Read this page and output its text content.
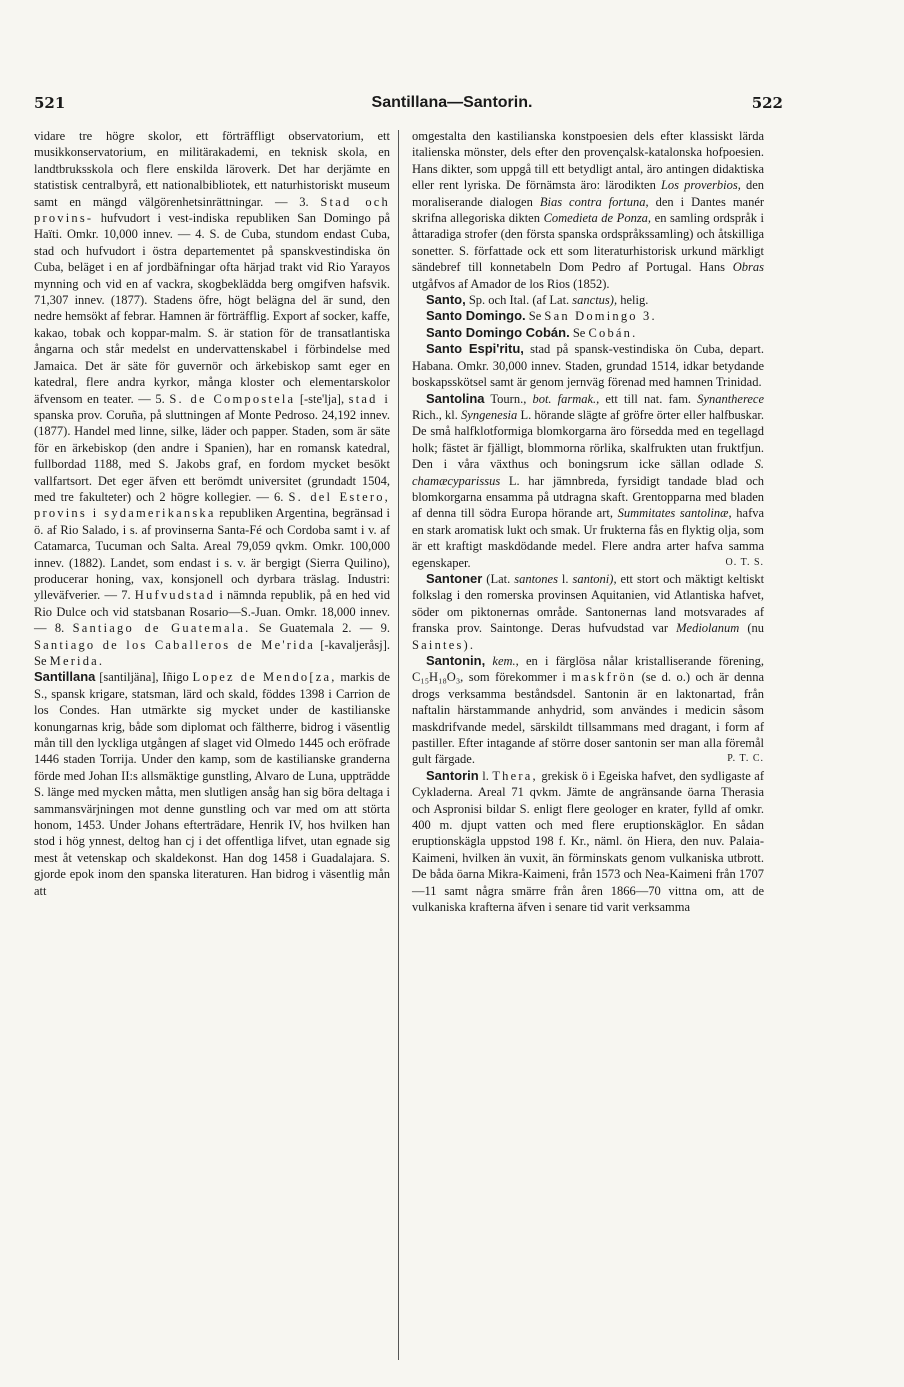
521	Santillana—Santorin.	522

vidare tre högre skolor, ett förträffligt observatorium, ett musikkonservatorium, en militärakademi, en teknisk skola, en landtbruksskola och flere enskilda läroverk. Det har derjämte en statistisk centralbyrå, ett nationalbibliotek, ett naturhistoriskt museum samt en mängd välgörenhetsinrättningar. — 3. Stad och provins- hufvudort i vest-indiska republiken San Domingo på Haïti. Omkr. 10,000 innev. — 4. S. de Cuba, stundom endast Cuba, stad och hufvudort i östra departementet på spanskvestindiska ön Cuba, beläget i en af jordbäfningar ofta härjad trakt vid Rio Yarayos mynning och vid en af vackra, skogbeklädda berg omgifven hafsvik. 71,307 innev. (1877). Stadens öfre, högt belägna del är sund, den nedre hemsökt af febrar. Hamnen är förträfflig. Export af socker, kaffe, kakao, tobak och koppar-malm. S. är station för de transatlantiska ångarna och står medelst en undervattenskabel i förbindelse med Jamaica. Det är säte för guvernör och ärkebiskop samt eger en katedral, flere andra kyrkor, många kloster och elementarskolor äfvensom en teater. — 5. S. de Compostela [-ste'lja], stad i spanska prov. Coruña, på sluttningen af Monte Pedroso. 24,192 innev. (1877). Handel med linne, silke, läder och papper. Staden, som är säte för en ärkebiskop (den andre i Spanien), har en romansk katedral, fullbordad 1188, med S. Jakobs graf, en fordom mycket besökt vallfartsort. Det eger äfven ett berömdt universitet (grundadt 1504, med tre fakulteter) och 2 högre kollegier. — 6. S. del Estero, provins i sydamerikanska republiken Argentina, begränsad i ö. af Rio Salado, i s. af provinserna Santa-Fé och Cordoba samt i v. af Catamarca, Tucuman och Salta. Areal 79,059 qvkm. Omkr. 100,000 innev. (1882). Landet, som endast i s. v. är bergigt (Sierra Quilino), producerar honing, vax, konsjonell och dyrbara träslag. Industri: ylleväfverier. — 7. Hufvudstad i nämnda republik, på en hed vid Rio Dulce och vid statsbanan Rosario—S.-Juan. Omkr. 18,000 innev. — 8. Santiago de Guatemala. Se Guatemala 2. — 9. Santiago de los Caballeros de Me'rida [-kavaljeråsj]. Se Merida.

Santillana [santiljäna], Iñigo Lopez de Mendo[za, markis de S., spansk krigare, statsman, lärd och skald, föddes 1398 i Carrion de los Condes. Han utmärkte sig mycket under de kastilianske konungarnas krig, både som diplomat och fältherre, bidrog i väsentlig mån till den lyckliga utgången af slaget vid Olmedo 1445 och eröfrade 1446 staden Torrija. Under den kamp, som de kastilianske granderna förde med Johan II:s allsmäktige gunstling, Alvaro de Luna, uppträdde S. länge med mycken måtta, men slutligen ansåg han sig böra deltaga i sammansvärjningen mot denne gunstling och var med om att störta honom, 1453. Under Johans efterträdare, Henrik IV, hos hvilken han stod i hög ynnest, deltog han cj i det offentliga lifvet, utan egnade sig mest åt vetenskap och skaldekonst. Han dog 1458 i Guadalajara. S. gjorde epok inom den spanska literaturen. Han bidrog i väsentlig mån att

omgestalta den kastilianska konstpoesien dels efter klassiskt lärda italienska mönster, dels efter den provençalsk-katalonska hofpoesien. Hans dikter, som uppgå till ett betydligt antal, äro antingen didaktiska eller rent lyriska. De förnämsta äro: lärodikten Los proverbios, den moraliserande dialogen Bias contra fortuna, den i Dantes manér skrifna allegoriska dikten Comedieta de Ponza, en samling ordspråk i åttaradiga strofer (den första spanska ordspråkssamling) och åtskilliga sonetter. S. författade ock ett som literaturhistorisk urkund märkligt sändebref till konnetabeln Dom Pedro af Portugal. Hans Obras utgåfvos af Amador de los Rios (1852).

Santo, Sp. och Ital. (af Lat. sanctus), helig.

Santo Domingo. Se San Domingo 3.

Santo Domingo Cobán. Se Cobán.

Santo Espi'ritu, stad på spansk-vestindiska ön Cuba, depart. Habana. Omkr. 30,000 innev. Staden, grundad 1514, idkar betydande boskapsskötsel samt är genom jernväg förenad med hamnen Trinidad.

Santolina Tourn., bot. farmak., ett till nat. fam. Synantherece Rich., kl. Syngenesia L. hörande slägte af gröfre örter eller halfbuskar. De små halfklotformiga blomkorgarna äro försedda med en tegellagd holk; fästet är fjälligt, blommorna rörlika, skalfrukten utan fruktfjun. Den i våra växthus och boningsrum icke sällan odlade S. chamæcyparissus L. har jämnbreda, fyrsidigt tandade blad och blomkorgarna ensamma på utdragna skaft. Grentopparna med bladen af denna till södra Europa hörande art, Summitates santolinæ, hafva en stark aromatisk lukt och smak. Ur frukterna fås en flyktig olja, som är ett kraftigt maskdödande medel. Flere andra arter hafva samma egenskaper.	O. T. S.

Santoner (Lat. santones l. santoni), ett stort och mäktigt keltiskt folkslag i den romerska provinsen Aquitanien, vid Atlantiska hafvet, söder om piktonernas område. Santonernas land motsvarades af franska prov. Saintonge. Deras hufvudstad var Mediolanum (nu Saintes).

Santonin, kem., en i färglösa nålar kristalliserande förening, C₁₅H₁₈O₃, som förekommer i maskfrön (se d. o.) och är denna drogs verksamma beståndsdel. Santonin är en laktonartad, från naftalin härstammande anhydrid, som användes i medicin såsom maskdrifvande medel, särskildt tillsammans med dragant, i form af pastiller. Efter intagande af större doser santonin ser man alla föremål gult färgade.	P. T. C.

Santorin l. Thera, grekisk ö i Egeiska hafvet, den sydligaste af Cykladerna. Areal 71 qvkm. Jämte de angränsande öarna Therasia och Aspronisi bildar S. enligt flere geologer en krater, fylld af omkr. 400 m. djupt vatten och med flere eruptionskäglor. En sådan eruptionskägla uppstod 198 f. Kr., näml. ön Hiera, den nuv. Palaia-Kaimeni, hvilken än vuxit, än förminskats genom vulkaniska utbrott. De båda öarna Mikra-Kaimeni, från 1573 och Nea-Kaimeni från 1707—11 samt några smärre från åren 1866—70 vittna om, att de vulkaniska krafterna äfven i senare tid varit verksamma
